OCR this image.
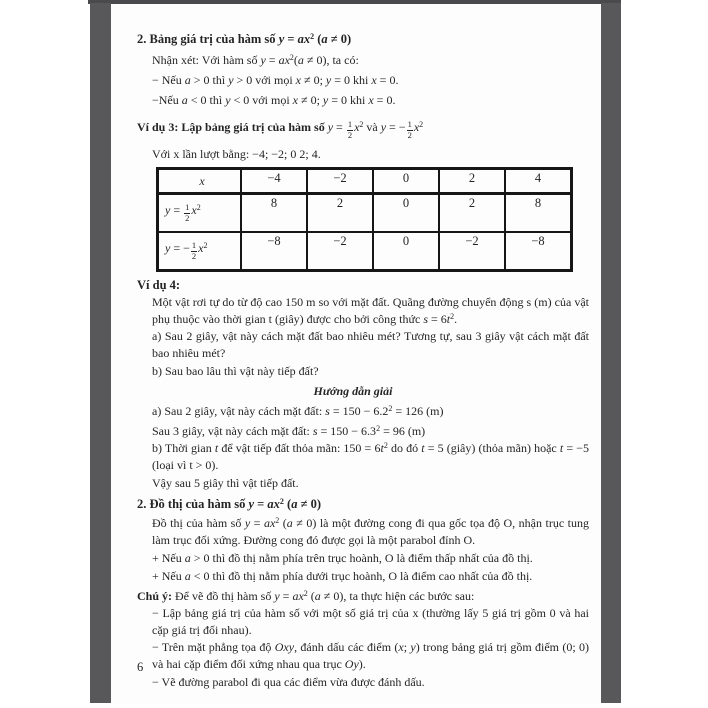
2. Bảng giá trị của hàm số $y = ax^2$ (a ≠ 0)
Nhận xét: Với hàm số $y = ax^2(a \ne 0)$, ta có:
− Nếu a > 0 thì y > 0 với mọi x ≠ 0; y = 0 khi x = 0.
−Nếu a < 0 thì y < 0 với mọi x ≠ 0; y = 0 khi x = 0.
Ví dụ 3: Lập bảng giá trị của hàm số $y = \frac{1}{2} x^2$ và y = − $\frac{1}{2} x^2$
Với x lần lượt bằng: −4; −2; 0 2; 4.
x	−4	−2	0	2	4
$y = \frac{1}{2} x^2$	8	2	0	2	8
y = − $\frac{1}{2} x^2$	−8	−2	0	−2	−8
Ví dụ 4:
Một vật rơi tự do từ độ cao 150 m so với mặt đất. Quãng đường chuyển động s (m) của vật phụ thuộc vào thời gian t (giây) được cho bởi công thức $s = 6t^2$.
a) Sau 2 giây, vật này cách mặt đất bao nhiêu mét? Tương tự, sau 3 giây vật cách mặt đất bao nhiêu mét?
b) Sau bao lâu thì vật này tiếp đất?
Hướng dẫn giải
a) Sau 2 giây, vật này cách mặt đất: $s = 150 - 6.2^2 = 126$ (m)
Sau 3 giây, vật này cách mặt đất: $s = 150 - 6.3^2 = 96$ (m)
b) Thời gian t để vật tiếp đất thỏa mãn: $150 = 6t^2$ do đó t = 5 (giây) (thỏa mãn) hoặc t = −5 (loại vì t > 0).
Vậy sau 5 giây thì vật tiếp đất.
2. Đồ thị của hàm số $y = ax^2$ (a ≠ 0)
Đồ thị của hàm số $y = ax^2$ (a ≠ 0) là một đường cong đi qua gốc tọa độ O, nhận trục tung làm trục đối xứng. Đường cong đó được gọi là một parabol đỉnh O.
+ Nếu a > 0 thì đồ thị nằm phía trên trục hoành, O là điểm thấp nhất của đồ thị.
+ Nếu a < 0 thì đồ thị nằm phía dưới trục hoành, O là điểm cao nhất của đồ thị.
Chú ý: Để vẽ đồ thị hàm số $y = ax^2$ (a ≠ 0), ta thực hiện các bước sau:
− Lập bảng giá trị của hàm số với một số giá trị của x (thường lấy 5 giá trị gồm 0 và hai cặp giá trị đối nhau).
− Trên mặt phẳng tọa độ Oxy, đánh dấu các điểm (x; y) trong bảng giá trị gồm điểm (0; 0) và hai cặp điểm đối xứng nhau qua trục Oy).
− Vẽ đường parabol đi qua các điểm vừa được đánh dấu.
6
